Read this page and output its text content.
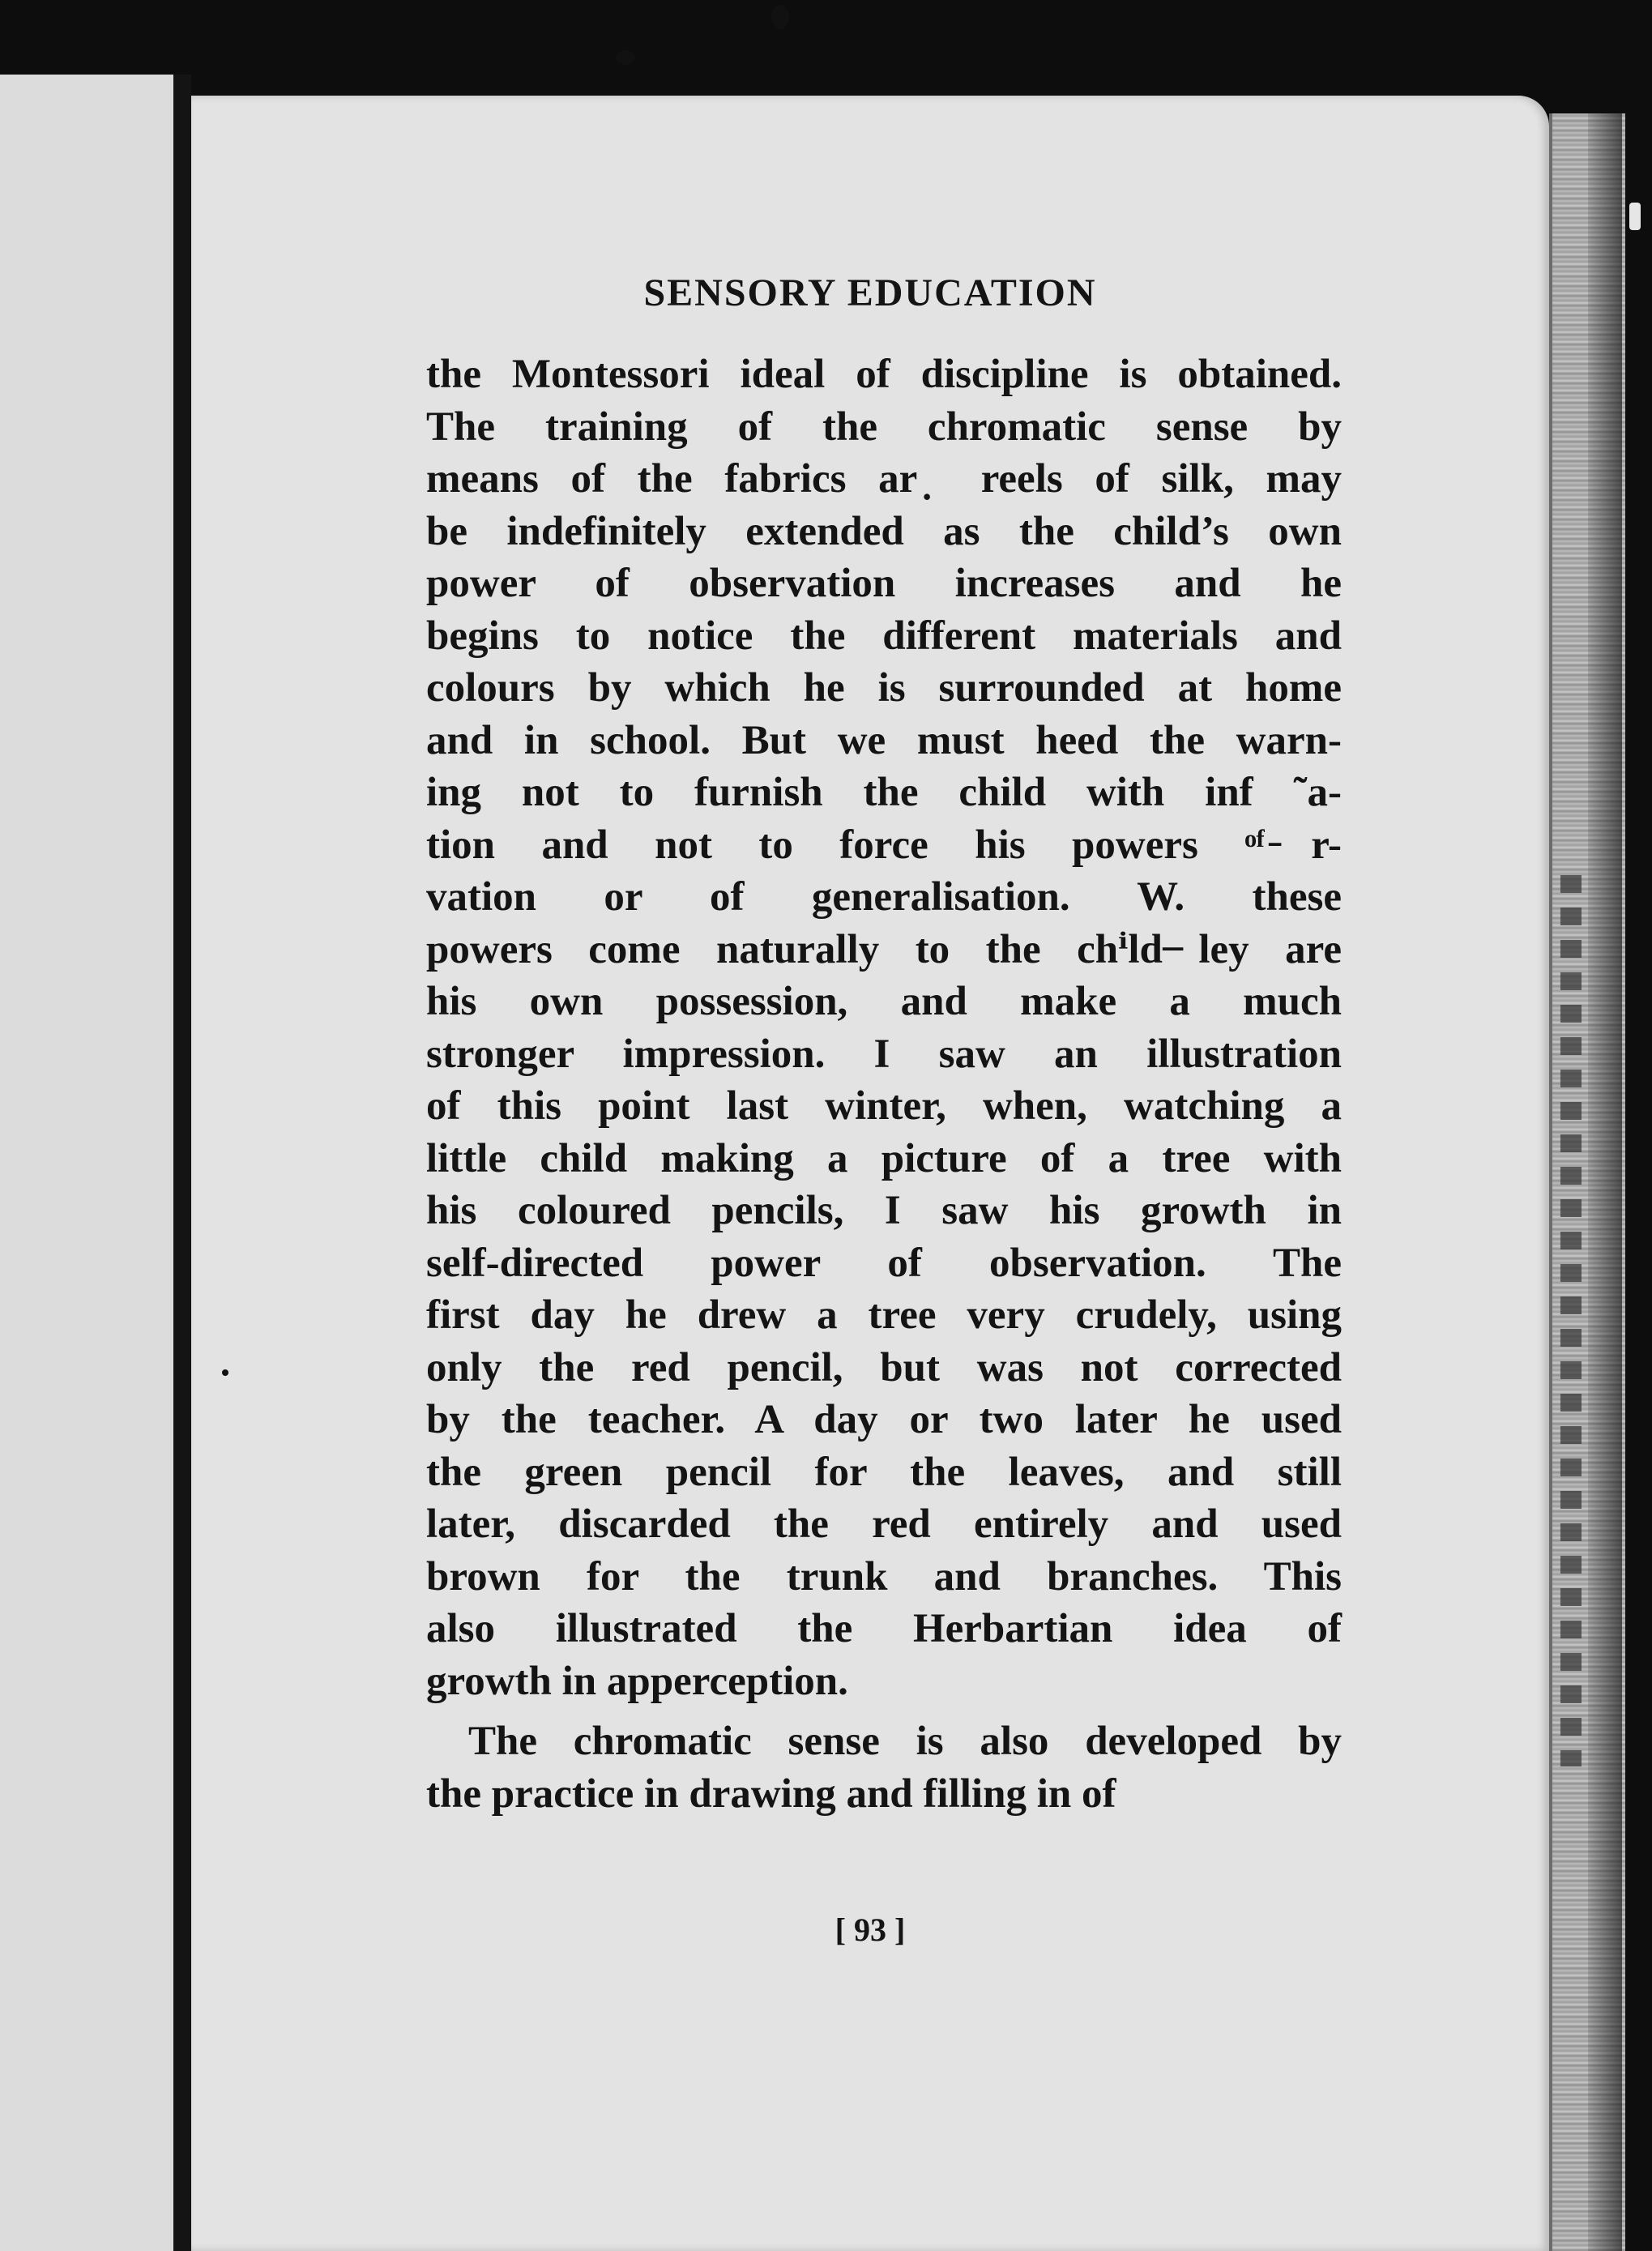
SENSORY EDUCATION
the Montessori ideal of discipline is obtained.
The training of the chromatic sense by
means of the fabrics ar ̣ reels of silk, may
be indefinitely extended as the child’s own
power of observation increases and he
begins to notice the different materials and
colours by which he is surrounded at home
and in school. But we must heed the warn-
ing not to furnish the child with inf ˜a-
tion and not to force his powers ᵒᶠ ̵r-
vation or of generalisation. W. these
powers come naturally to the chⁱld ̶ley are
his own possession, and make a much
stronger impression. I saw an illustration
of this point last winter, when, watching a
little child making a picture of a tree with
his coloured pencils, I saw his growth in
self-directed power of observation. The
first day he drew a tree very crudely, using
only the red pencil, but was not corrected
by the teacher. A day or two later he used
the green pencil for the leaves, and still
later, discarded the red entirely and used
brown for the trunk and branches. This
also illustrated the Herbartian idea of
growth in apperception.
The chromatic sense is also developed by
the practice in drawing and filling in of
[ 93 ]
